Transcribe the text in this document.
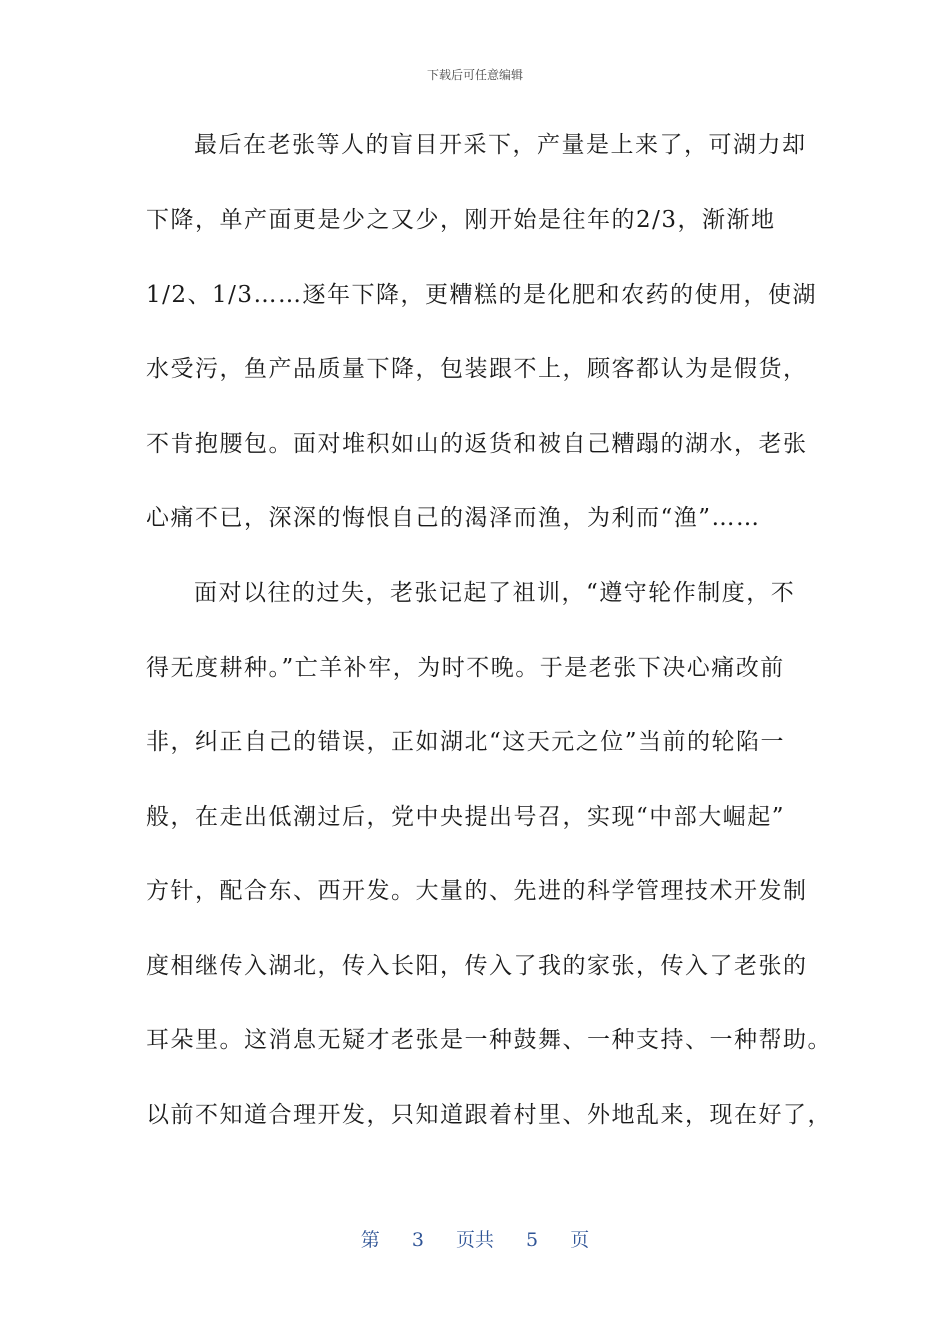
下载后可任意编辑
最后在老张等人的盲目开采下，产量是上来了，可湖力却
下降，单产面更是少之又少，刚开始是往年的2/3，渐渐地
1/2、1/3……逐年下降，更糟糕的是化肥和农药的使用，使湖
水受污，鱼产品质量下降，包装跟不上，顾客都认为是假货，
不肯抱腰包。面对堆积如山的返货和被自己糟蹋的湖水，老张
心痛不已，深深的悔恨自己的渴泽而渔，为利而“渔”……
面对以往的过失，老张记起了祖训，“遵守轮作制度，不
得无度耕种。”亡羊补牢，为时不晚。于是老张下决心痛改前
非，纠正自己的错误，正如湖北“这天元之位”当前的轮陷一
般，在走出低潮过后，党中央提出号召，实现“中部大崛起”
方针，配合东、西开发。大量的、先进的科学管理技术开发制
度相继传入湖北，传入长阳，传入了我的家张，传入了老张的
耳朵里。这消息无疑才老张是一种鼓舞、一种支持、一种帮助。
以前不知道合理开发，只知道跟着村里、外地乱来，现在好了，
第 3 页共 5 页
